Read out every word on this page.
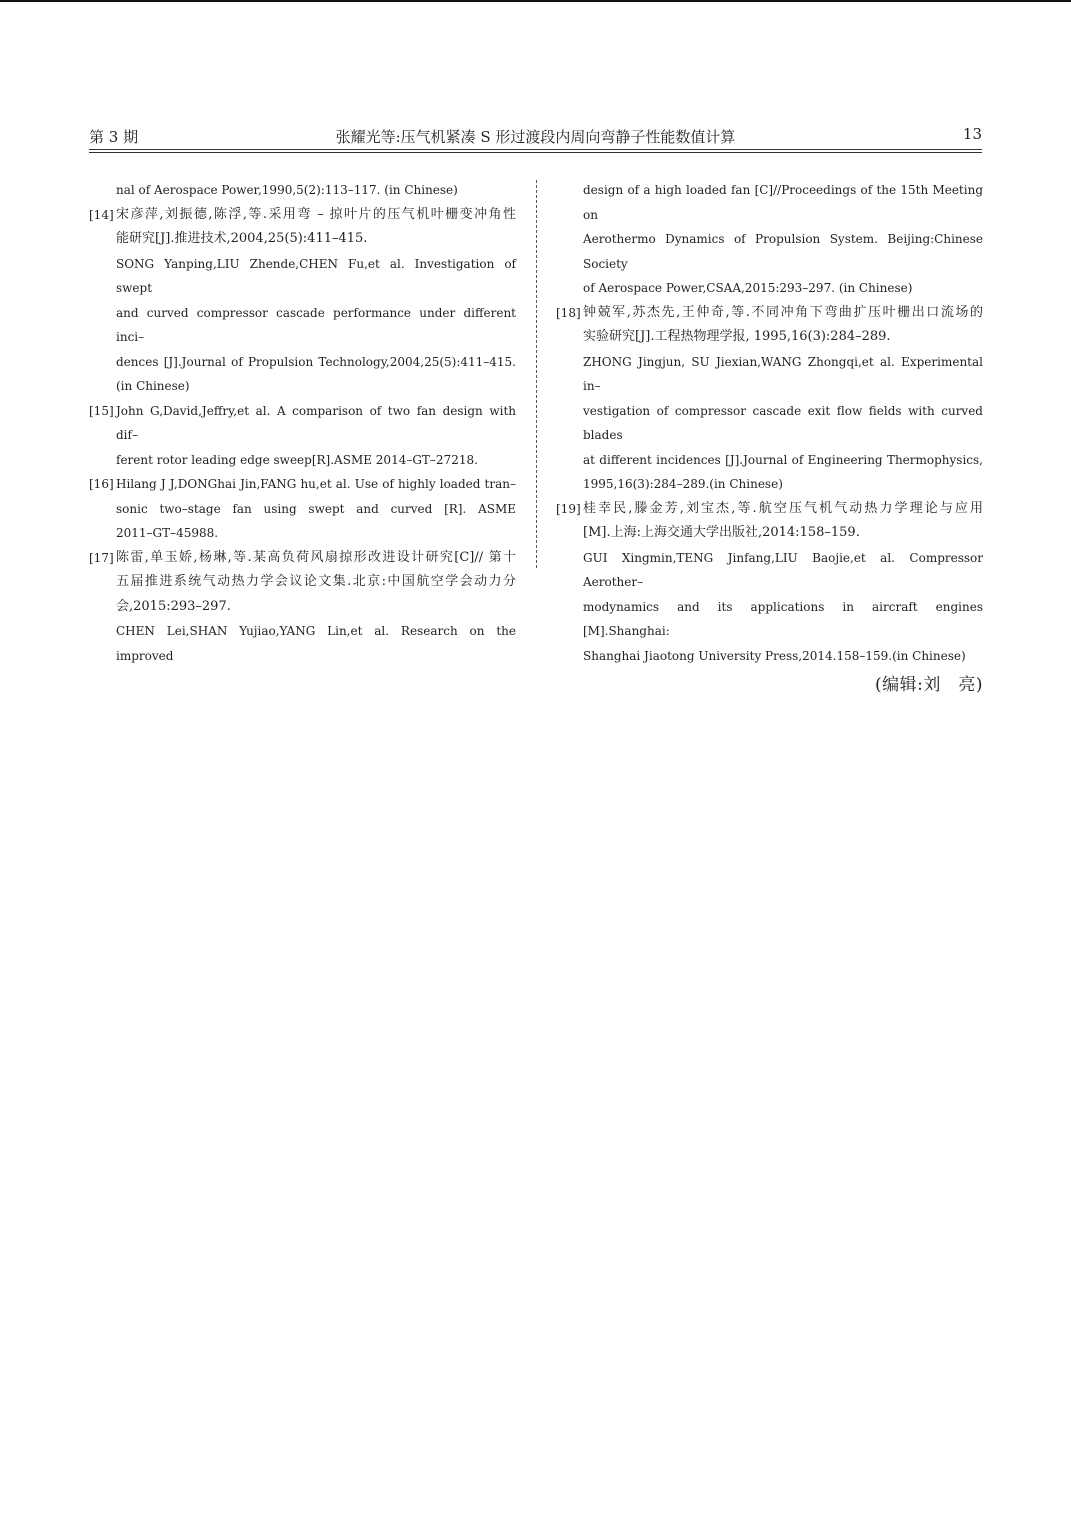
第 3 期	张耀光等:压气机紧凑 S 形过渡段内周向弯静子性能数值计算	13
nal of Aerospace Power,1990,5(2):113–117. (in Chinese)
[14] 宋彦萍,刘振德,陈浮,等.采用弯 – 掠叶片的压气机叶栅变冲角性
能研究[J].推进技术,2004,25(5):411–415.
SONG Yanping,LIU Zhende,CHEN Fu,et al. Investigation of swept
and curved compressor cascade performance under different inci–
dences [J].Journal of Propulsion Technology,2004,25(5):411–415.
(in Chinese)
[15] John G,David,Jeffry,et al. A comparison of two fan design with dif–
ferent rotor leading edge sweep[R].ASME 2014–GT–27218.
[16] Hilang J J,DONGhai Jin,FANG hu,et al. Use of highly loaded tran–
sonic two–stage fan using swept and curved [R]. ASME
2011–GT–45988.
[17] 陈雷,单玉娇,杨琳,等.某高负荷风扇掠形改进设计研究[C]// 第十
五届推进系统气动热力学会议论文集.北京:中国航空学会动力分
会,2015:293–297.
CHEN Lei,SHAN Yujiao,YANG Lin,et al. Research on the improved
design of a high loaded fan [C]//Proceedings of the 15th Meeting on
Aerothermo Dynamics of Propulsion System. Beijing:Chinese Society
of Aerospace Power,CSAA,2015:293–297. (in Chinese)
[18] 钟兢军,苏杰先,王仲奇,等.不同冲角下弯曲扩压叶栅出口流场的
实验研究[J].工程热物理学报, 1995,16(3):284–289.
ZHONG Jingjun, SU Jiexian,WANG Zhongqi,et al. Experimental in–
vestigation of compressor cascade exit flow fields with curved blades
at different incidences [J].Journal of Engineering Thermophysics,
1995,16(3):284–289.(in Chinese)
[19] 桂幸民,滕金芳,刘宝杰,等.航空压气机气动热力学理论与应用
[M].上海:上海交通大学出版社,2014:158–159.
GUI Xingmin,TENG Jinfang,LIU Baojie,et al. Compressor Aerother–
modynamics and its applications in aircraft engines [M].Shanghai:
Shanghai Jiaotong University Press,2014.158–159.(in Chinese)
(编辑:刘　亮)
